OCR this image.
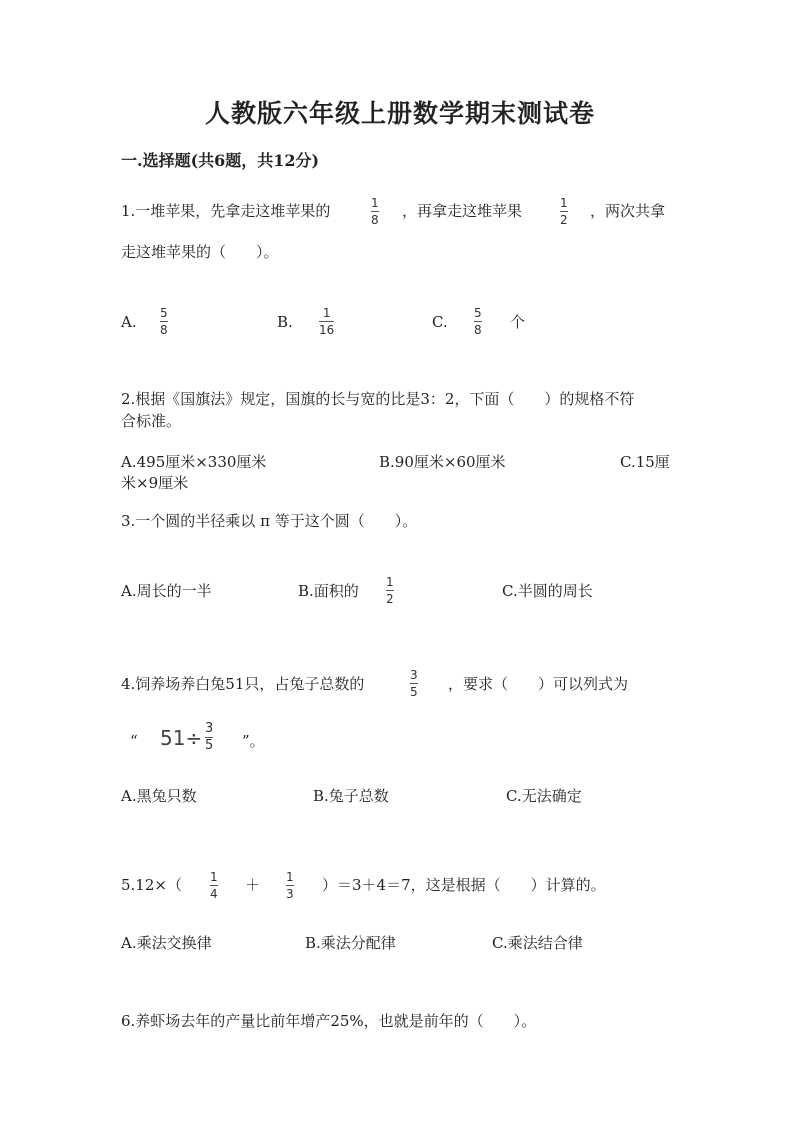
人教版六年级上册数学期末测试卷
一.选择题(共6题，共12分)
1.一堆苹果，先拿走这堆苹果的	1
8 ，再拿走这堆苹果	1
2 ，两次共拿
走这堆苹果的（　　）。
A. 5
8	B.	1
16	C. 5
8 个
2.根据《国旗法》规定，国旗的长与宽的比是3：2，下面（　　）的规格不符
合标准。
A.495厘米×330厘米	B.90厘米×60厘米	C.15厘
米×9厘米
3.一个圆的半径乘以 π 等于这个圆（　　）。
A.周长的一半	B.面积的 1
2	C.半圆的周长
4.饲养场养白兔51只，占兔子总数的	3
5 ，要求（　　）可以列式为
“ 51÷ 3
5 ”。
A.黑兔只数	B.兔子总数	C.无法确定
5.12×（ 1
4 ＋ 1
3 ）＝3＋4＝7，这是根据（　　）计算的。
A.乘法交换律	B.乘法分配律	C.乘法结合律
6.养虾场去年的产量比前年增产25%，也就是前年的（　　）。
